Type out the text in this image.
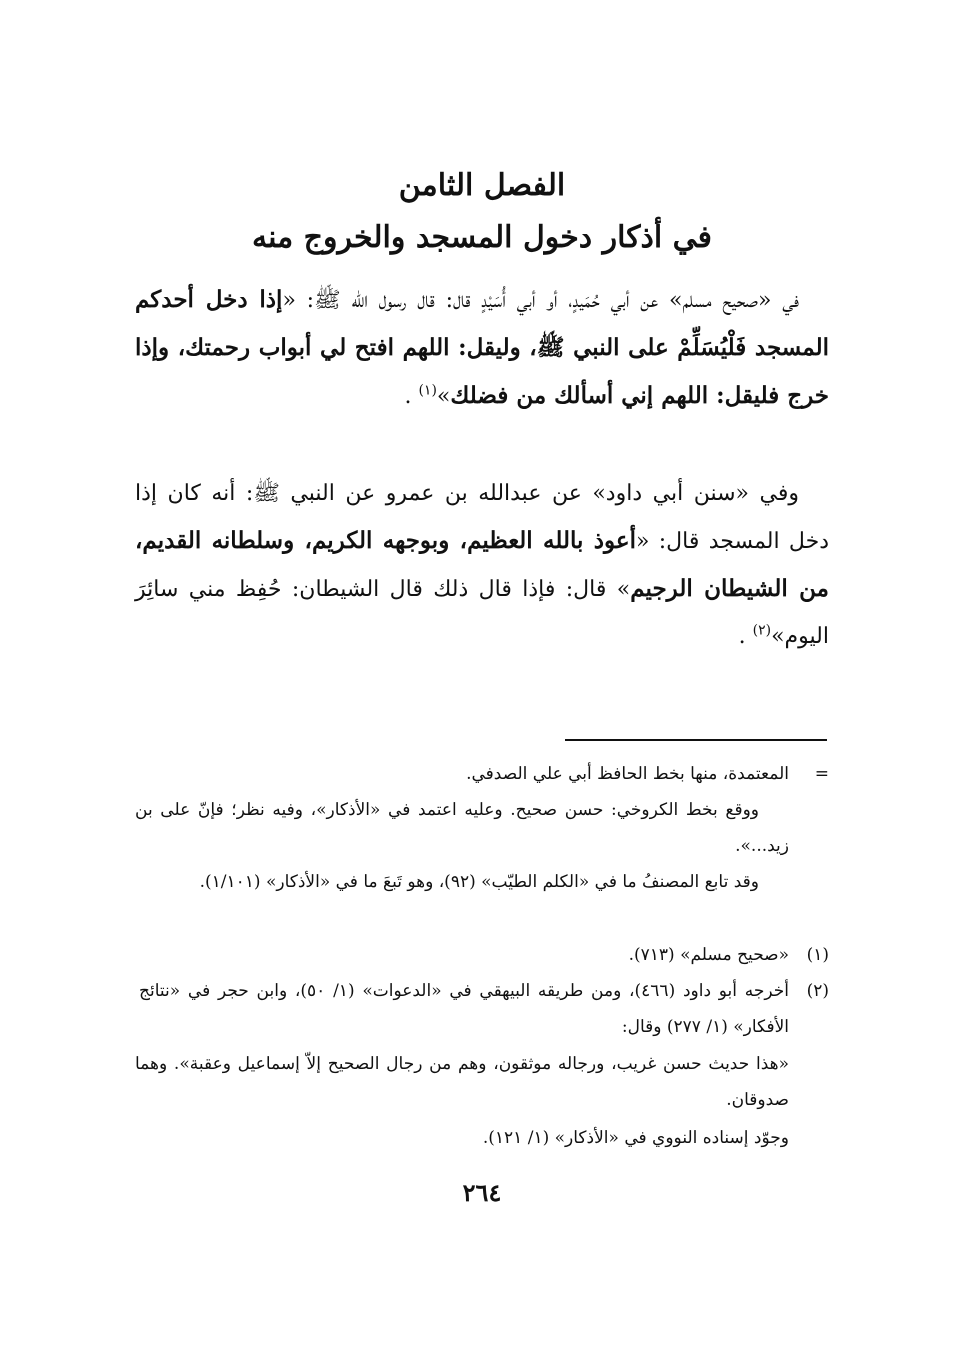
الفصل الثامن
في أذكار دخول المسجد والخروج منه

في «صحيح مسلم» عن أبي حُمَيدٍ، أو أبي أُسَيْدٍ قال: قال رسول الله ﷺ: «إذا دخل أحدكم المسجد فَلْيُسَلِّمْ على النبي ﷺ، وليقل: اللهم افتح لي أبواب رحمتك، وإذا خرج فليقل: اللهم إني أسألك من فضلك»$^{(١)}$ .

وفي «سنن أبي داود» عن عبدالله بن عمرو عن النبي ﷺ: أنه كان إذا دخل المسجد قال: «أعوذ بالله العظيم، وبوجهه الكريم، وسلطانه القديم، من الشيطان الرجيم» قال: فإذا قال ذلك قال الشيطان: حُفِظ مني سائِرَ اليوم»$^{(٢)}$ .

=المعتمدة، منها بخط الحافظ أبي علي الصدفي.
ووقع بخط الكروخي: حسن صحيح. وعليه اعتمد في «الأذكار»، وفيه نظر؛ فإنّ على بن زيد...».
وقد تابع المصنفُ ما في «الكلم الطيّب» (٩٢)، وهو تَبعَ ما في «الأذكار» (١/١٠١).
(١)«صحيح مسلم» (٧١٣).
(٢)أخرجه أبو داود (٤٦٦)، ومن طريقه البيهقي في «الدعوات» (١/ ٥٠)، وابن حجر في «نتائج الأفكار» (١/ ٢٧٧) وقال:
«هذا حديث حسن غريب، ورجاله موثقون، وهم من رجال الصحيح إلاّ إسماعيل وعقبة». وهما صدوقان.
وجوّد إسناده النووي في «الأذكار» (١/ ١٢١).
٢٦٤
